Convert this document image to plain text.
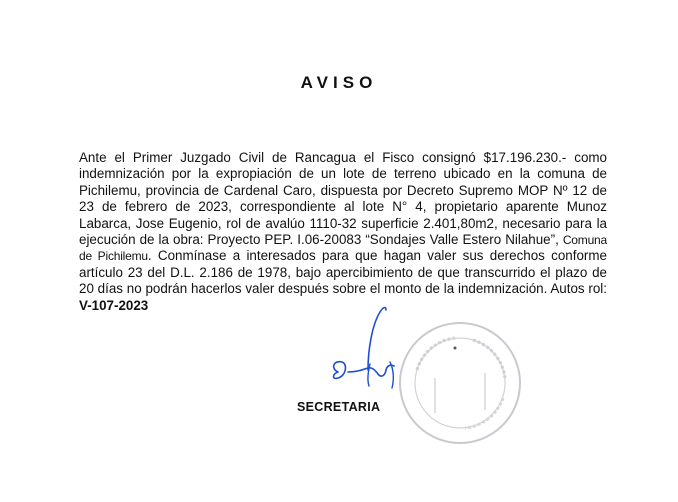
AVISO
Ante el Primer Juzgado Civil de Rancagua el Fisco consignó $17.196.230.- como indemnización por la expropiación de un lote de terreno ubicado en la comuna de Pichilemu, provincia de Cardenal Caro, dispuesta por Decreto Supremo MOP Nº 12 de 23 de febrero de 2023, correspondiente al lote N° 4, propietario aparente Munoz Labarca, Jose Eugenio, rol de avalúo 1110-32 superficie 2.401,80m2, necesario para la ejecución de la obra: Proyecto PEP. I.06-20083 “Sondajes Valle Estero Nilahue”, Comuna de Pichilemu. Conmínase a interesados para que hagan valer sus derechos conforme artículo 23 del D.L. 2.186 de 1978, bajo apercibimiento de que transcurrido el plazo de 20 días no podrán hacerlos valer después sobre el monto de la indemnización. Autos rol: V-107-2023
SECRETARIA
